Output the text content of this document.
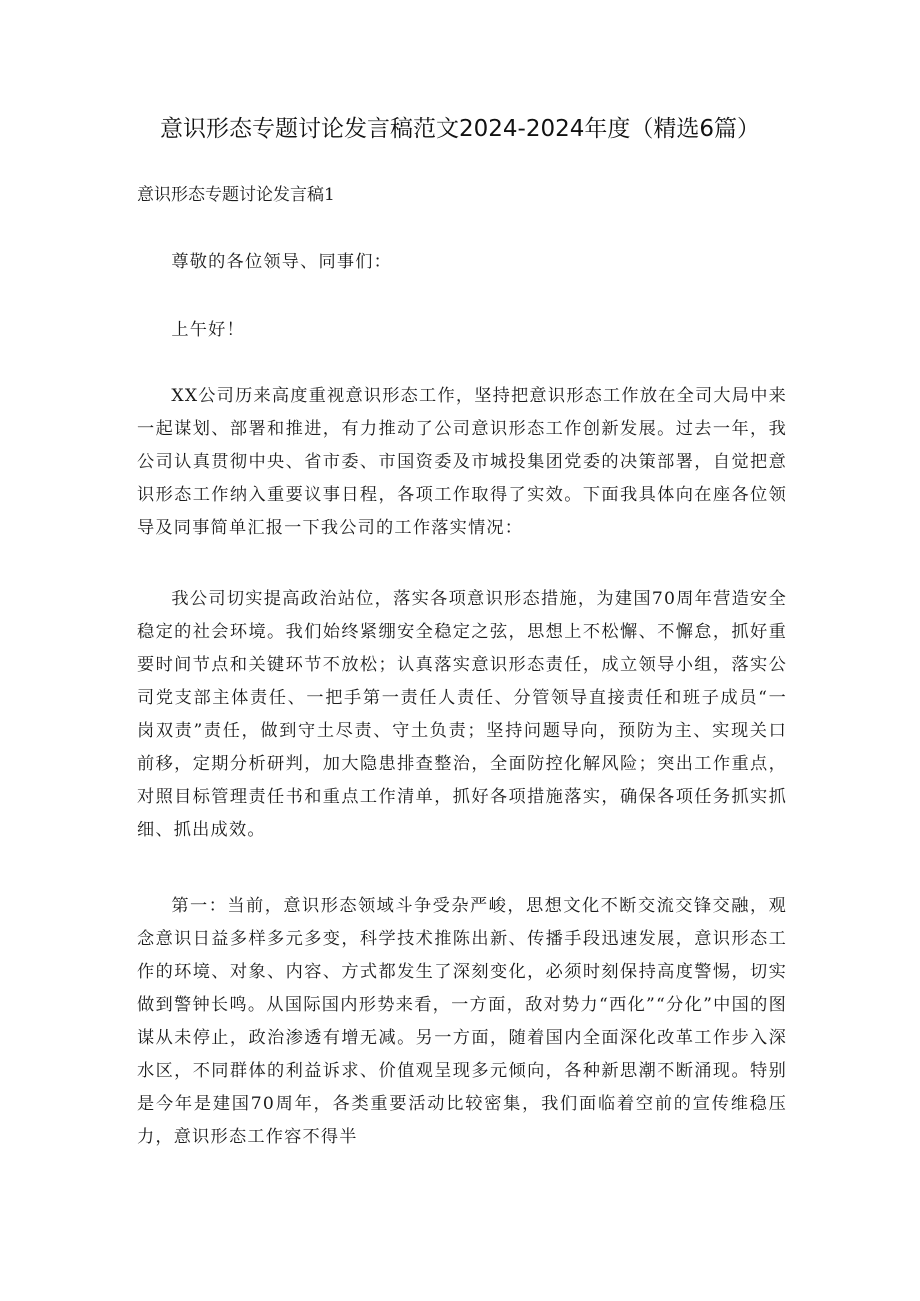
意识形态专题讨论发言稿范文2024-2024年度（精选6篇）
意识形态专题讨论发言稿1

尊敬的各位领导、同事们：

上午好！

XX公司历来高度重视意识形态工作，坚持把意识形态工作放在全司大局中来一起谋划、部署和推进，有力推动了公司意识形态工作创新发展。过去一年，我公司认真贯彻中央、省市委、市国资委及市城投集团党委的决策部署，自觉把意识形态工作纳入重要议事日程，各项工作取得了实效。下面我具体向在座各位领导及同事简单汇报一下我公司的工作落实情况：

我公司切实提高政治站位，落实各项意识形态措施，为建国70周年营造安全稳定的社会环境。我们始终紧绷安全稳定之弦，思想上不松懈、不懈怠，抓好重要时间节点和关键环节不放松；认真落实意识形态责任，成立领导小组，落实公司党支部主体责任、一把手第一责任人责任、分管领导直接责任和班子成员“一岗双责”责任，做到守土尽责、守土负责；坚持问题导向，预防为主、实现关口前移，定期分析研判，加大隐患排查整治，全面防控化解风险；突出工作重点，对照目标管理责任书和重点工作清单，抓好各项措施落实，确保各项任务抓实抓细、抓出成效。

第一：当前，意识形态领域斗争受杂严峻，思想文化不断交流交锋交融，观念意识日益多样多元多变，科学技术推陈出新、传播手段迅速发展，意识形态工作的环境、对象、内容、方式都发生了深刻变化，必须时刻保持高度警惕，切实做到警钟长鸣。从国际国内形势来看，一方面，敌对势力“西化”“分化”中国的图谋从未停止，政治渗透有增无减。另一方面，随着国内全面深化改革工作步入深水区，不同群体的利益诉求、价值观呈现多元倾向，各种新思潮不断涌现。特别是今年是建国70周年，各类重要活动比较密集，我们面临着空前的宣传维稳压力，意识形态工作容不得半
